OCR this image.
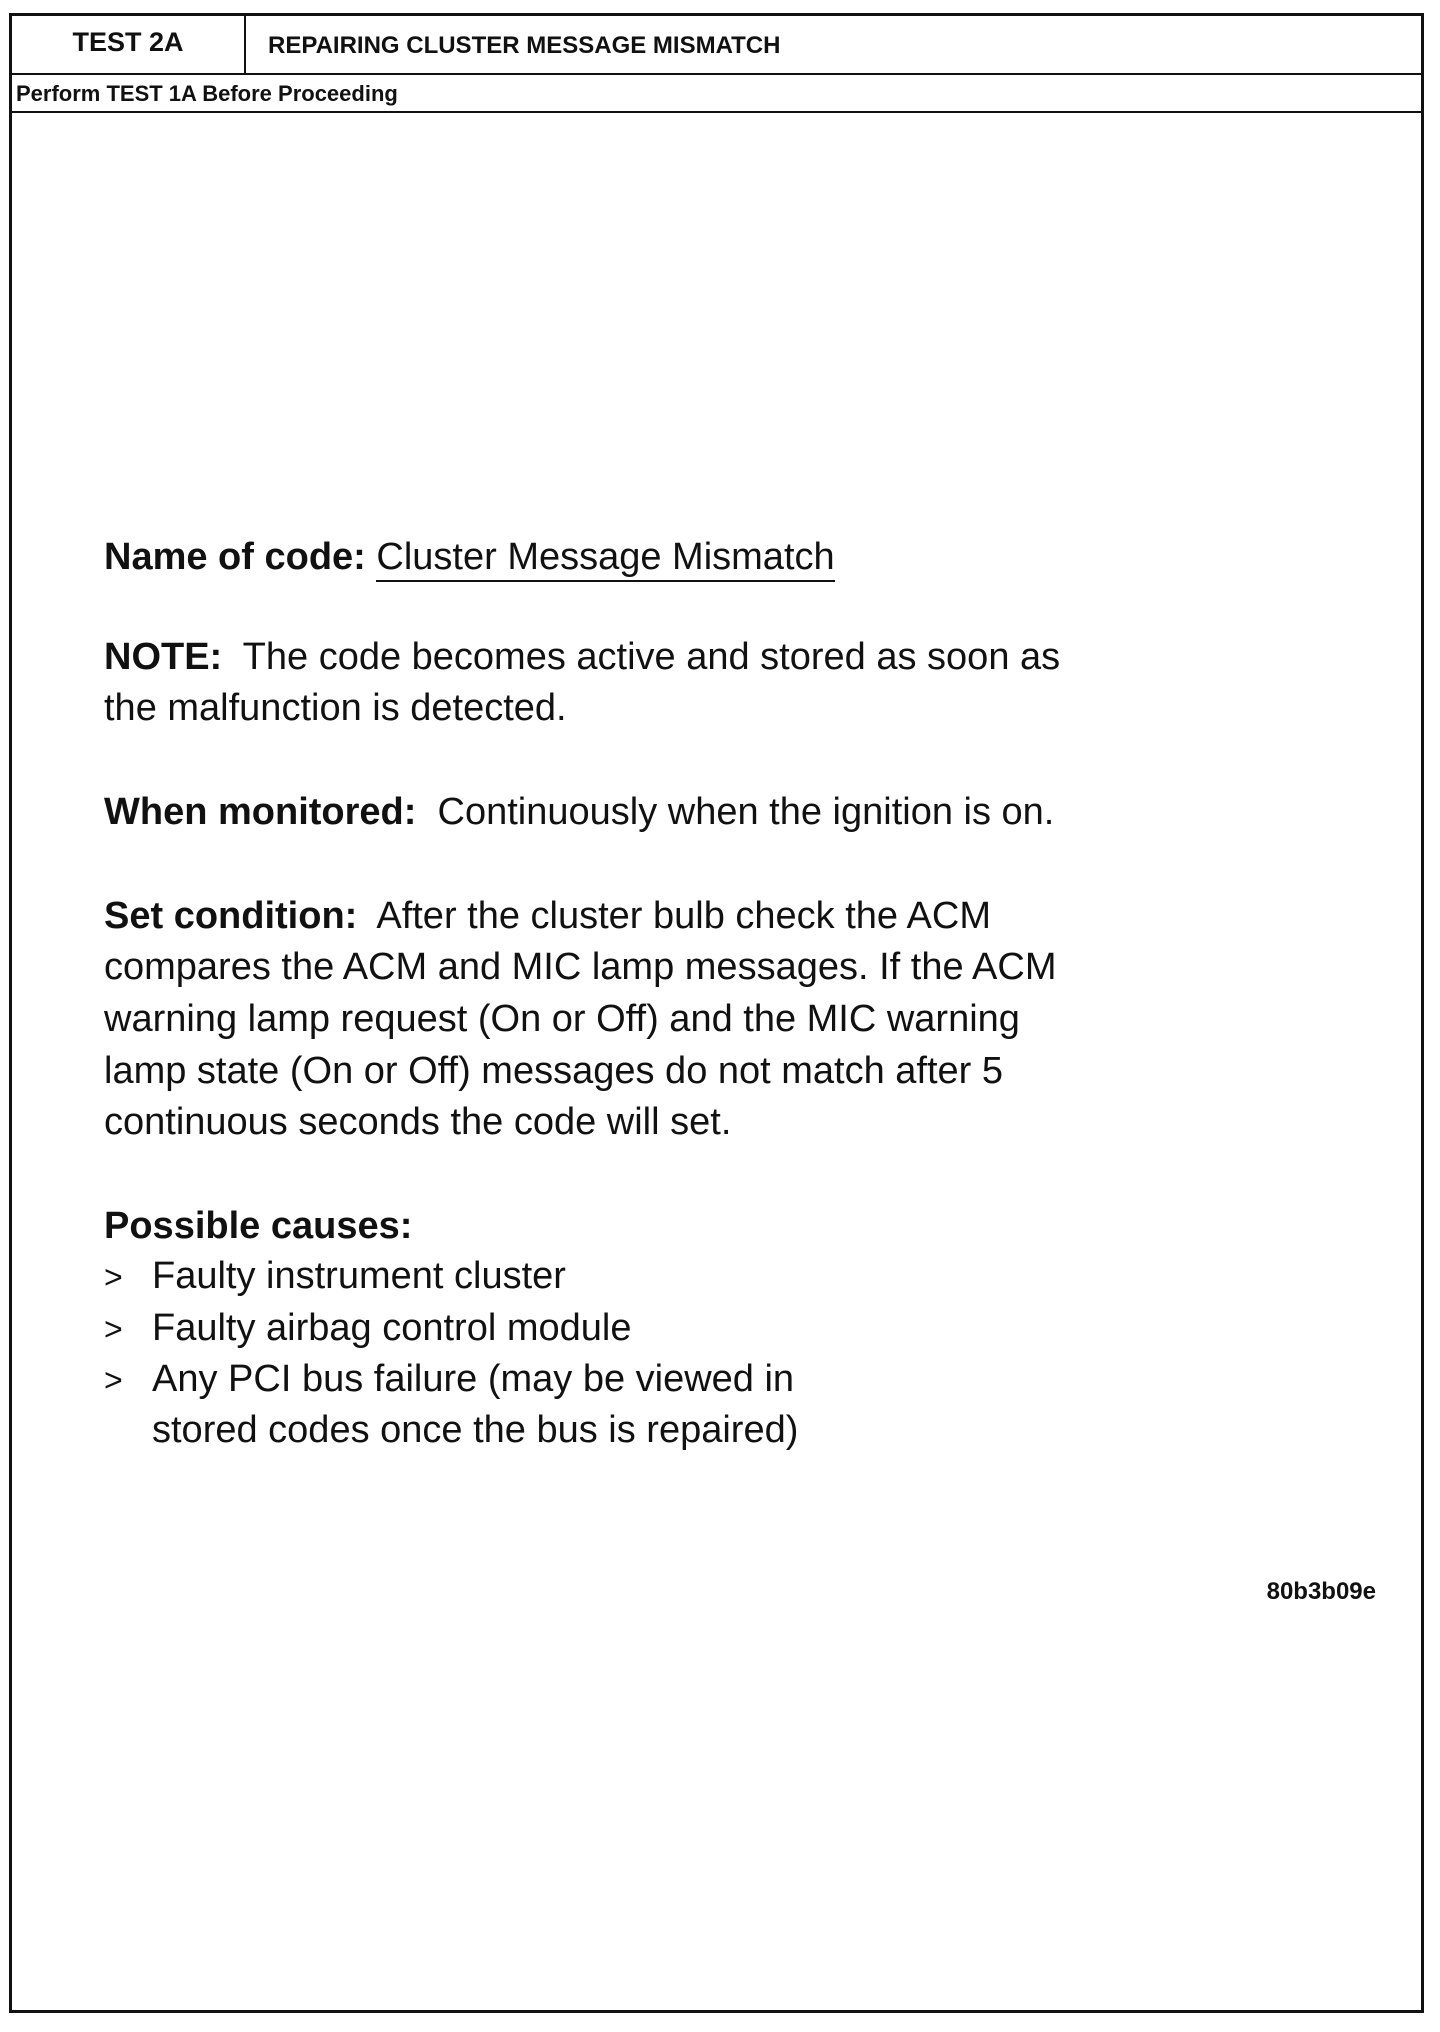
TEST 2A	REPAIRING CLUSTER MESSAGE MISMATCH
Perform TEST 1A Before Proceeding
Name of code: Cluster Message Mismatch
NOTE: The code becomes active and stored as soon as
the malfunction is detected.
When monitored: Continuously when the ignition is on.
Set condition: After the cluster bulb check the ACM
compares the ACM and MIC lamp messages. If the ACM
warning lamp request (On or Off) and the MIC warning
lamp state (On or Off) messages do not match after 5
continuous seconds the code will set.
Possible causes:
> Faulty instrument cluster
> Faulty airbag control module
> Any PCI bus failure (may be viewed in
stored codes once the bus is repaired)
80b3b09e
